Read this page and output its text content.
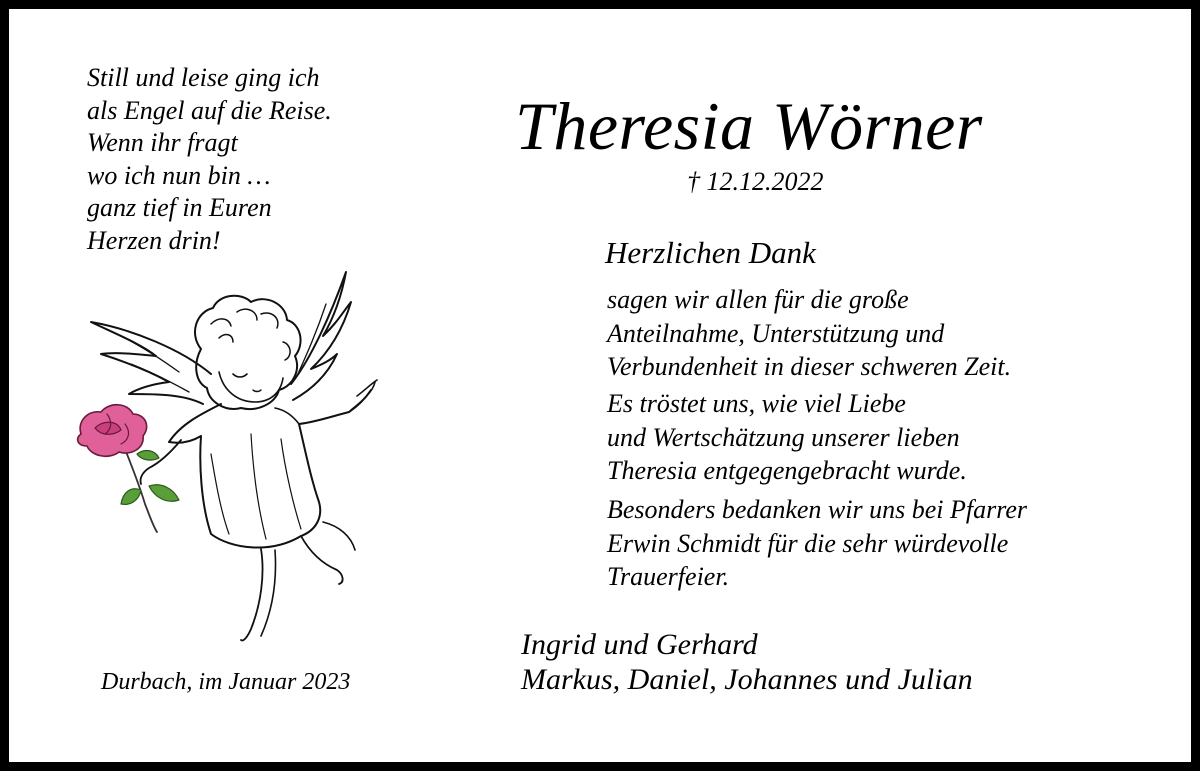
Still und leise ging ich
als Engel auf die Reise.
Wenn ihr fragt
wo ich nun bin …
ganz tief in Euren
Herzen drin!
Durbach, im Januar 2023
Theresia Wörner
† 12.12.2022
Herzlichen Dank
sagen wir allen für die große
Anteilnahme, Unterstützung und
Verbundenheit in dieser schweren Zeit.
Es tröstet uns, wie viel Liebe
und Wertschätzung unserer lieben
Theresia entgegengebracht wurde.
Besonders bedanken wir uns bei Pfarrer
Erwin Schmidt für die sehr würdevolle
Trauerfeier.
Ingrid und Gerhard
Markus, Daniel, Johannes und Julian
